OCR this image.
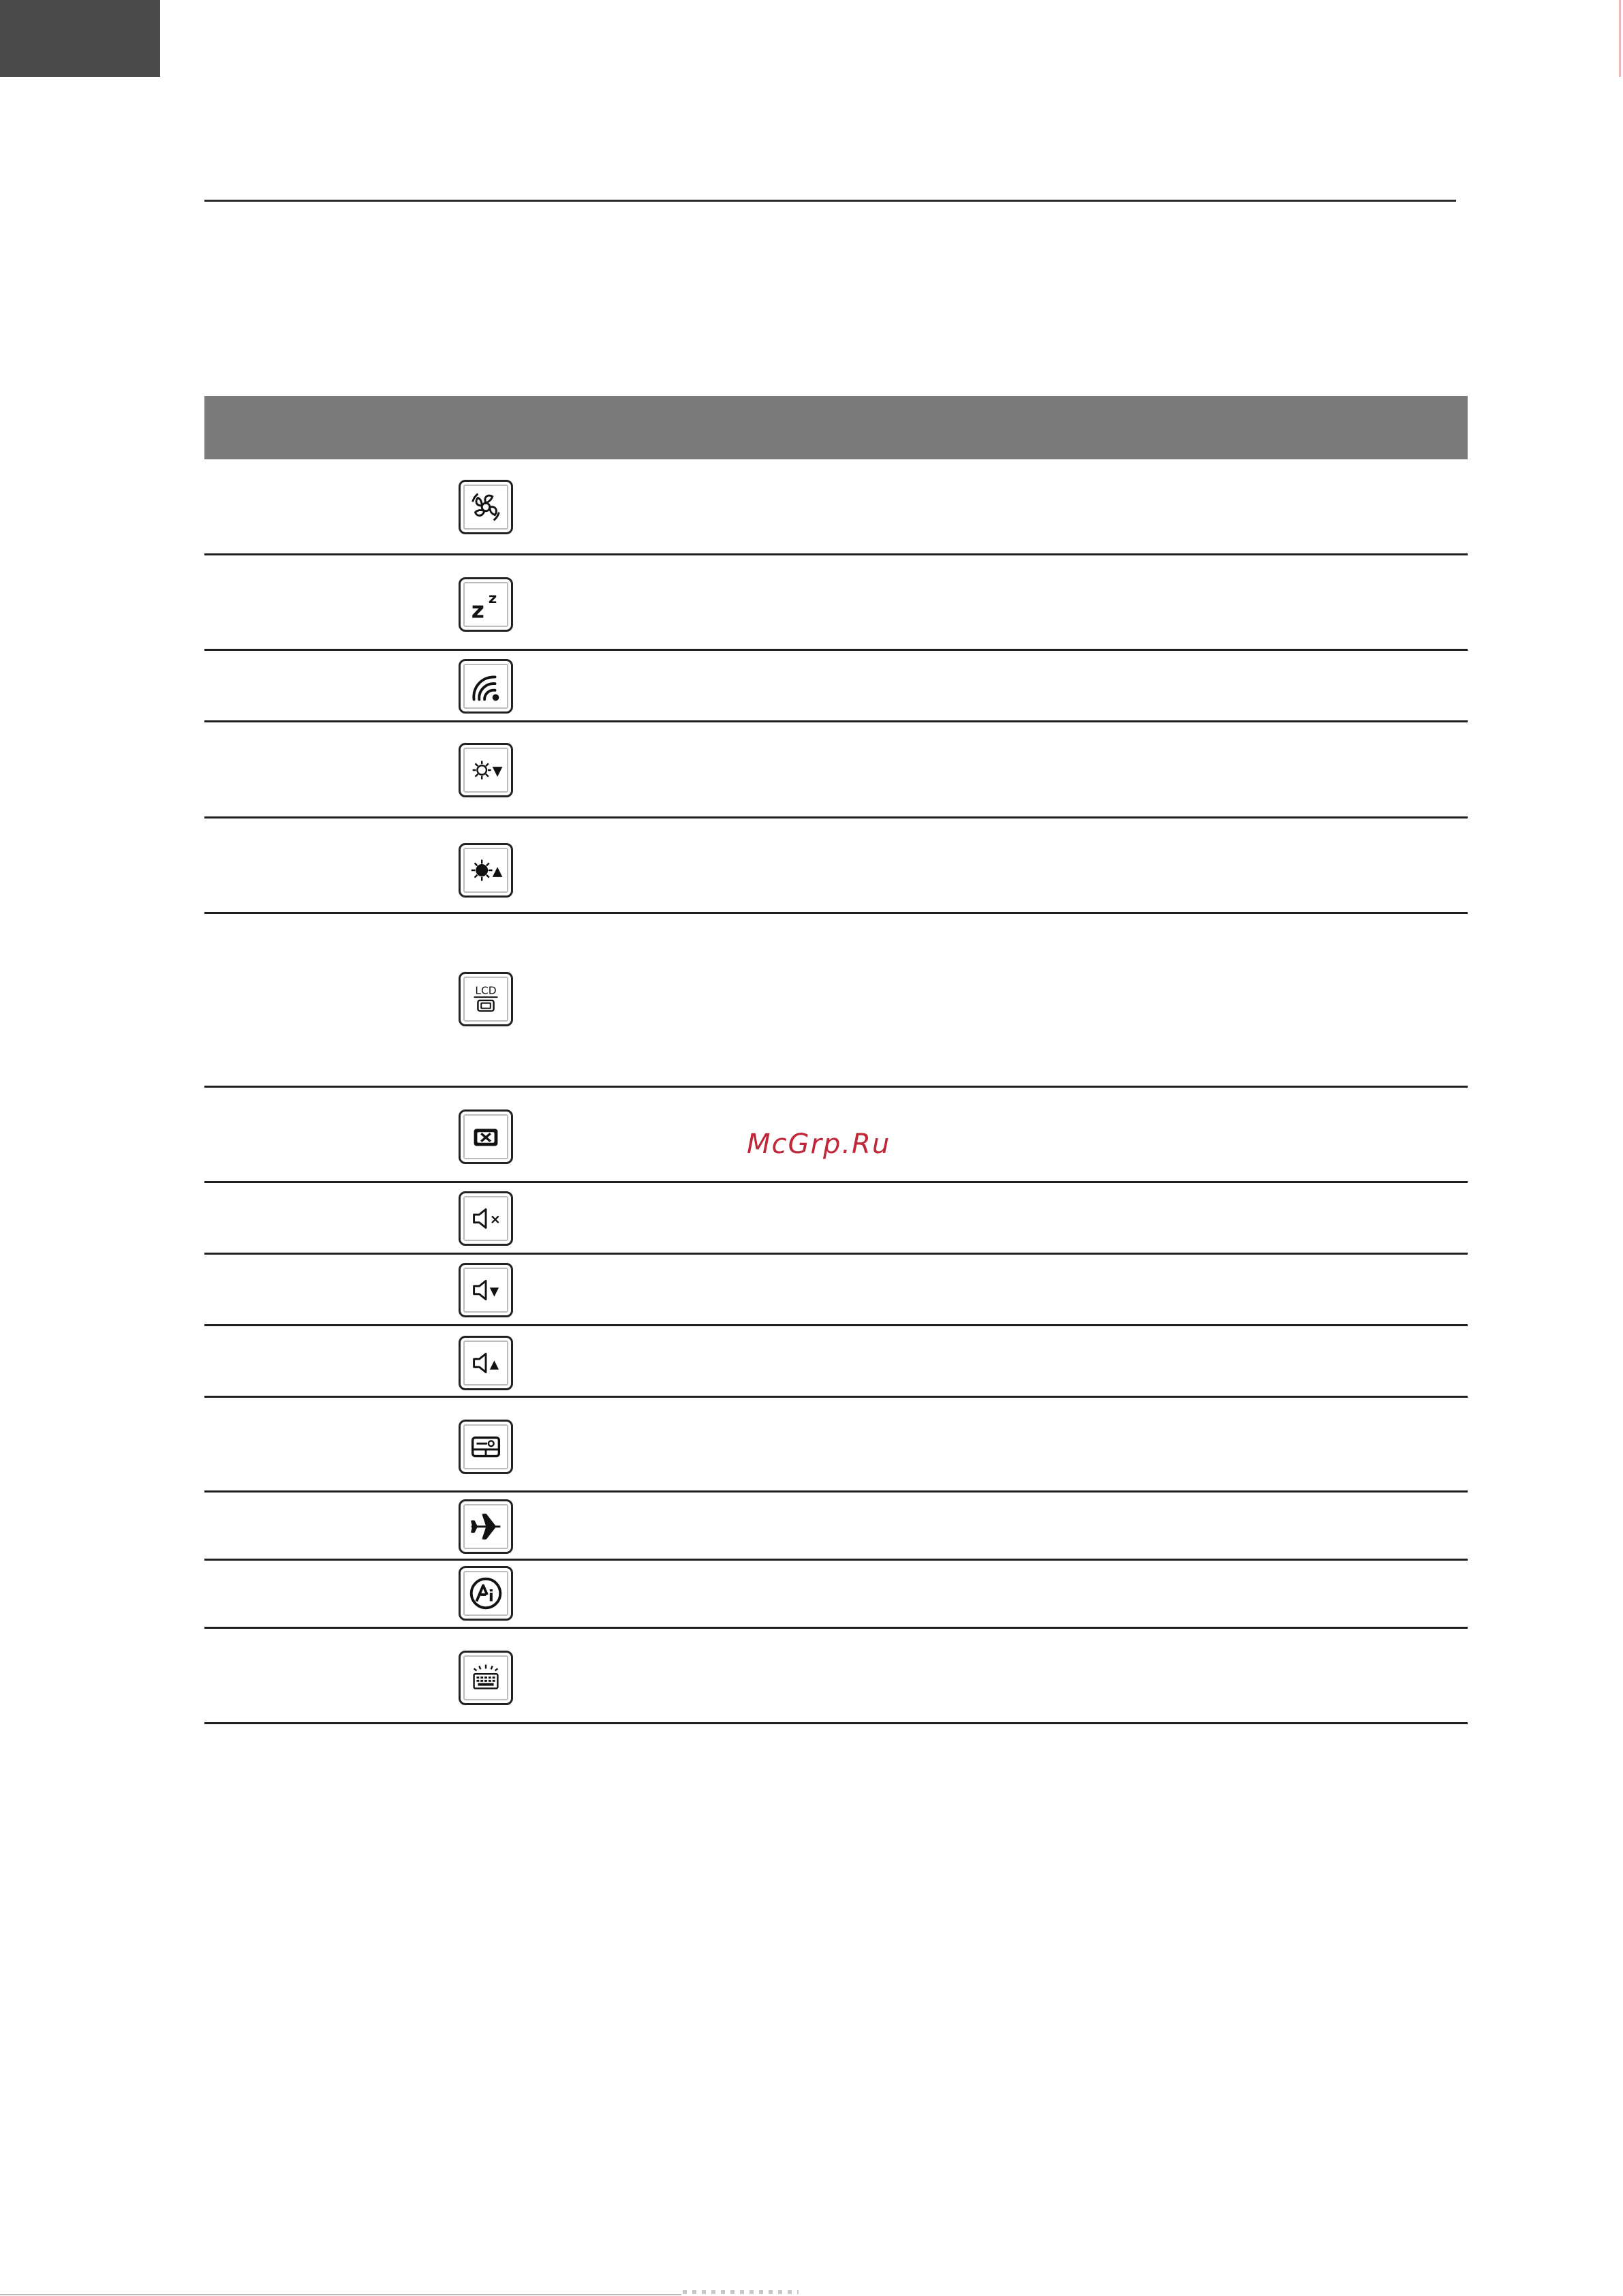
z z
▼
▲
LCD
×
▼
▲
i
McGrp.Ru
